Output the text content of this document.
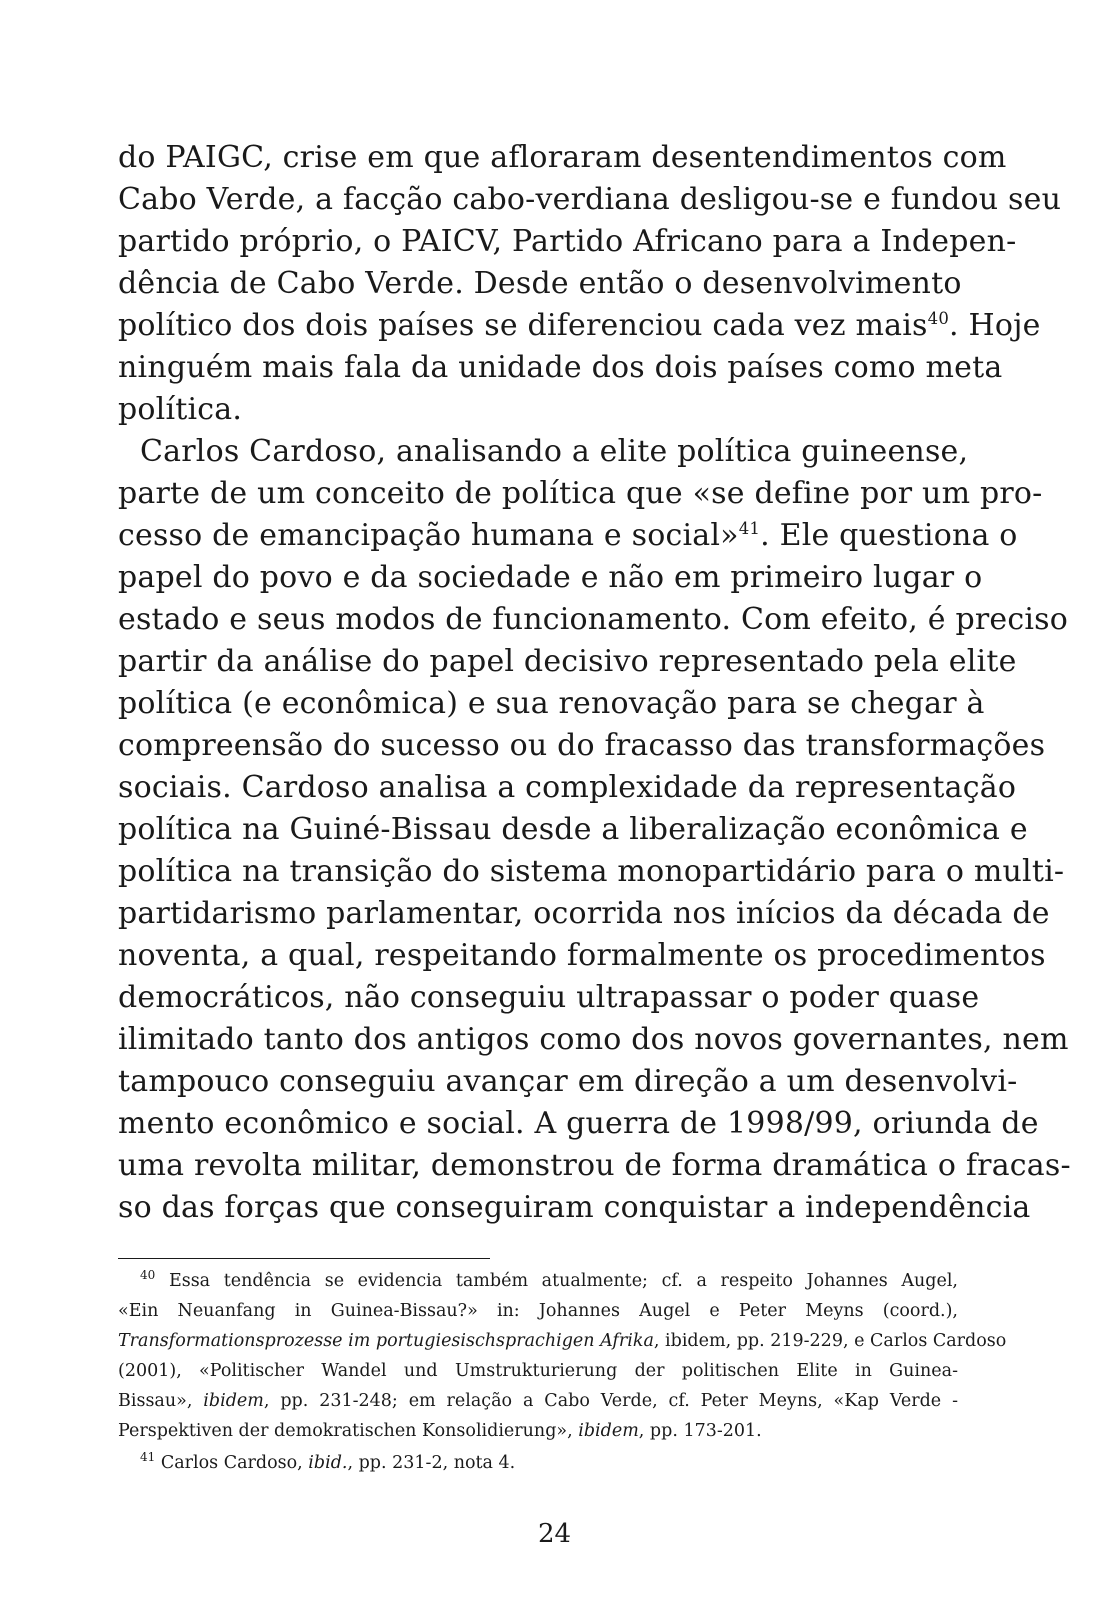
do PAIGC, crise em que afloraram desentendimentos com

Cabo Verde, a facção cabo-verdiana desligou-se e fundou seu

partido próprio, o PAICV, Partido Africano para a Indepen-

dência de Cabo Verde. Desde então o desenvolvimento

político dos dois países se diferenciou cada vez mais$^{40}$. Hoje

ninguém mais fala da unidade dos dois países como meta

política.

Carlos Cardoso, analisando a elite política guineense,

parte de um conceito de política que «se define por um pro-

cesso de emancipação humana e social»$^{41}$. Ele questiona o

papel do povo e da sociedade e não em primeiro lugar o

estado e seus modos de funcionamento. Com efeito, é preciso

partir da análise do papel decisivo representado pela elite

política (e econômica) e sua renovação para se chegar à

compreensão do sucesso ou do fracasso das transformações

sociais. Cardoso analisa a complexidade da representação

política na Guiné-Bissau desde a liberalização econômica e

política na transição do sistema monopartidário para o multi-

partidarismo parlamentar, ocorrida nos inícios da década de

noventa, a qual, respeitando formalmente os procedimentos

democráticos, não conseguiu ultrapassar o poder quase

ilimitado tanto dos antigos como dos novos governantes, nem

tampouco conseguiu avançar em direção a um desenvolvi-

mento econômico e social. A guerra de 1998/99, oriunda de

uma revolta militar, demonstrou de forma dramática o fracas-

so das forças que conseguiram conquistar a independência

$^{40}$ Essa tendência se evidencia também atualmente; cf. a respeito Johannes Augel,

«Ein Neuanfang in Guinea-Bissau?» in: Johannes Augel e Peter Meyns (coord.),

Transformationsprozesse im portugiesischsprachigen Afrika, ibidem, pp. 219-229, e Carlos Cardoso

(2001), «Politischer Wandel und Umstrukturierung der politischen Elite in Guinea-

Bissau», ibidem, pp. 231-248; em relação a Cabo Verde, cf. Peter Meyns, «Kap Verde -

Perspektiven der demokratischen Konsolidierung», ibidem, pp. 173-201.

$^{41}$ Carlos Cardoso, ibid., pp. 231-2, nota 4.

24
